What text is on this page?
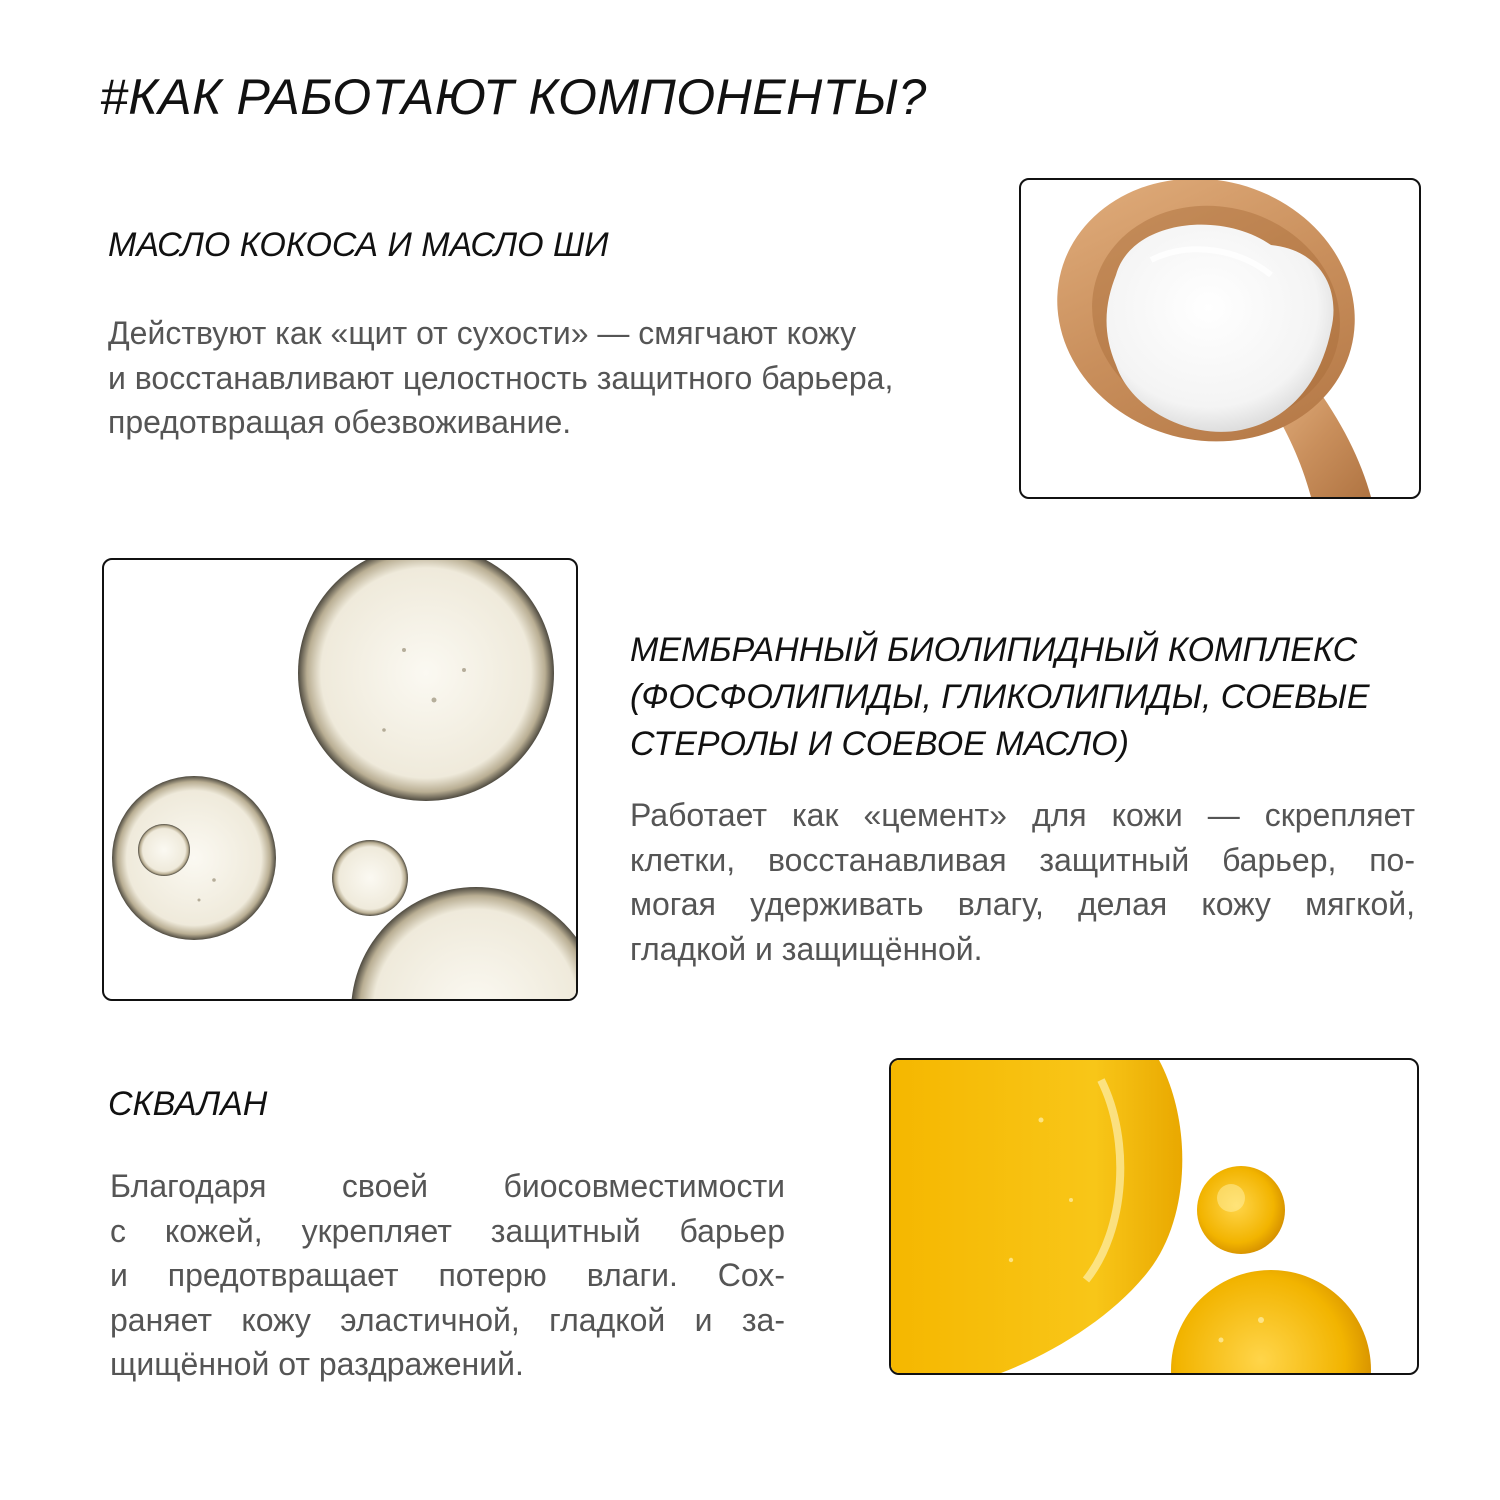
#КАК РАБОТАЮТ КОМПОНЕНТЫ?
МАСЛО КОКОСА И МАСЛО ШИ

Действуют как «щит от сухости» — смягчают кожу
и восстанавливают целостность защитного барьера,
предотвращая обезвоживание.

МЕМБРАННЫЙ БИОЛИПИДНЫЙ КОМПЛЕКС
(ФОСФОЛИПИДЫ, ГЛИКОЛИПИДЫ, СОЕВЫЕ
СТЕРОЛЫ И СОЕВОЕ МАСЛО)

Работает как «цемент» для кожи — скрепляет
клетки, восстанавливая защитный барьер, по-
могая удерживать влагу, делая кожу мягкой,
гладкой и защищённой.

СКВАЛАН

Благодаря своей биосовместимости
с кожей, укрепляет защитный барьер
и предотвращает потерю влаги. Сох-
раняет кожу эластичной, гладкой и за-
щищённой от раздражений.
